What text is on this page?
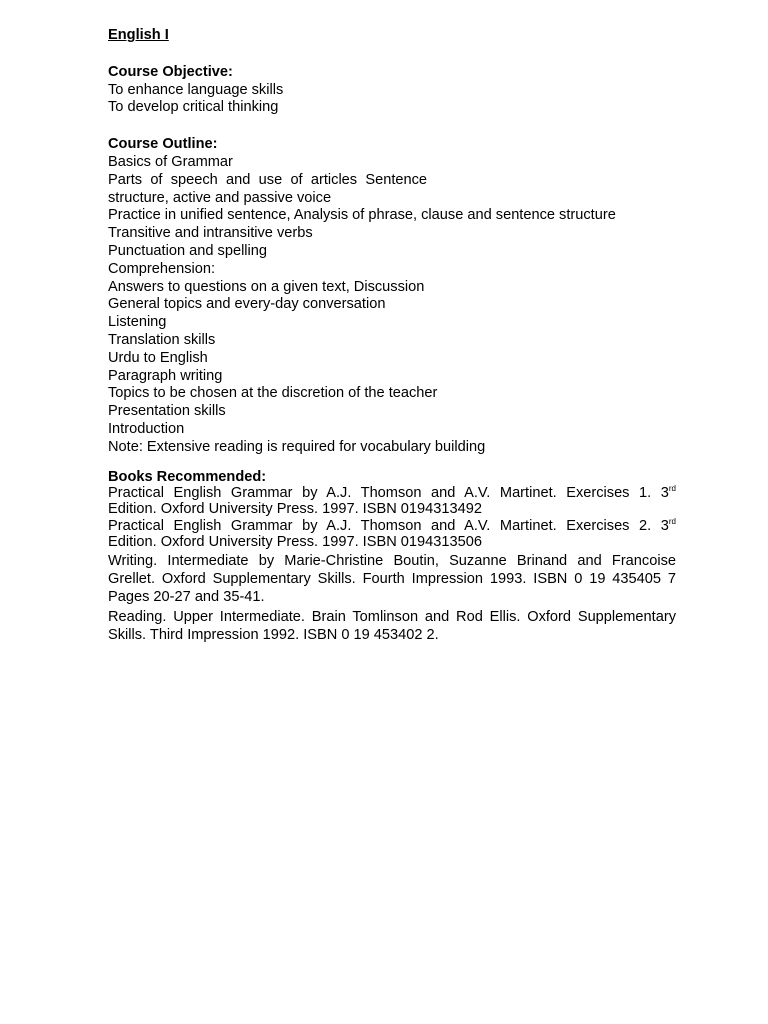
English I
Course Objective:
To enhance language skills
To develop critical thinking
Course Outline:
Basics of Grammar
Parts of speech and use of articles Sentence
structure, active and passive voice
Practice in unified sentence, Analysis of phrase, clause and sentence structure
Transitive and intransitive verbs
Punctuation and spelling
Comprehension:
Answers to questions on a given text, Discussion
General topics and every-day conversation
Listening
Translation skills
Urdu to English
Paragraph writing
Topics to be chosen at the discretion of the teacher
Presentation skills
Introduction
Note: Extensive reading is required for vocabulary building
Books Recommended:

Practical English Grammar by A.J. Thomson and A.V. Martinet. Exercises 1. 3rd

Edition. Oxford University Press. 1997. ISBN 0194313492

Practical English Grammar by A.J. Thomson and A.V. Martinet. Exercises 2. 3rd

Edition. Oxford University Press. 1997. ISBN 0194313506

Writing. Intermediate by Marie-Christine Boutin, Suzanne Brinand and Francoise

Grellet. Oxford Supplementary Skills. Fourth Impression 1993. ISBN 0 19 435405 7

Pages 20-27 and 35-41.

Reading. Upper Intermediate. Brain Tomlinson and Rod Ellis. Oxford Supplementary

Skills. Third Impression 1992. ISBN 0 19 453402 2.
